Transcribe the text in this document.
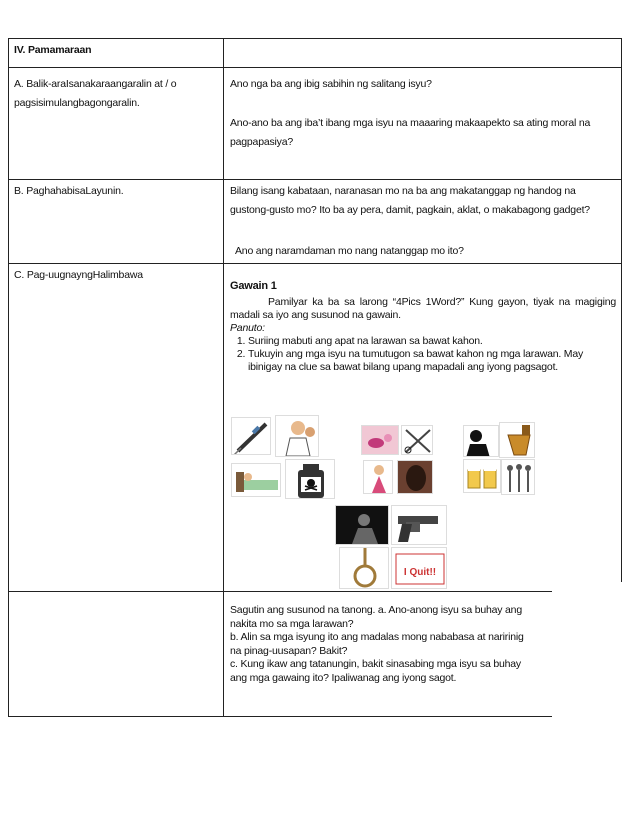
IV. Pamamaraan
A. Balik-araIsanakaraangaralin at / o pagsisimulangbagongaralin.
Ano nga ba ang ibig sabihin ng salitang isyu?
Ano-ano ba ang iba’t ibang mga isyu na maaaring makaapekto sa ating moral na pagpapasiya?
B. PaghahabisaLayunin.	Bilang isang kabataan, naranasan mo na ba ang makatanggap ng handog na gustong-gusto mo? Ito ba ay pera, damit, pagkain, aklat, o makabagong gadget?
Ano ang naramdaman mo nang natanggap mo ito?
C. Pag-uugnayngHalimbawa
Gawain 1
Pamilyar ka ba sa larong “4Pics 1Word?” Kung gayon, tiyak na magiging madali sa iyo ang susunod na gawain.
Panuto:
1. Suriing mabuti ang apat na larawan sa bawat kahon.
2. Tukuyin ang mga isyu na tumutugon sa bawat kahon ng mga larawan. May ibinigay na clue sa bawat bilang upang mapadali ang iyong pagsagot.
I Quit!!
Sagutin ang susunod na tanong. a. Ano-anong isyu sa buhay ang nakita mo sa mga larawan?
b. Alin sa mga isyung ito ang madalas mong nababasa at naririnig na pinag-uusapan? Bakit?
c. Kung ikaw ang tatanungin, bakit sinasabing mga isyu sa buhay ang mga gawaing ito? Ipaliwanag ang iyong sagot.
